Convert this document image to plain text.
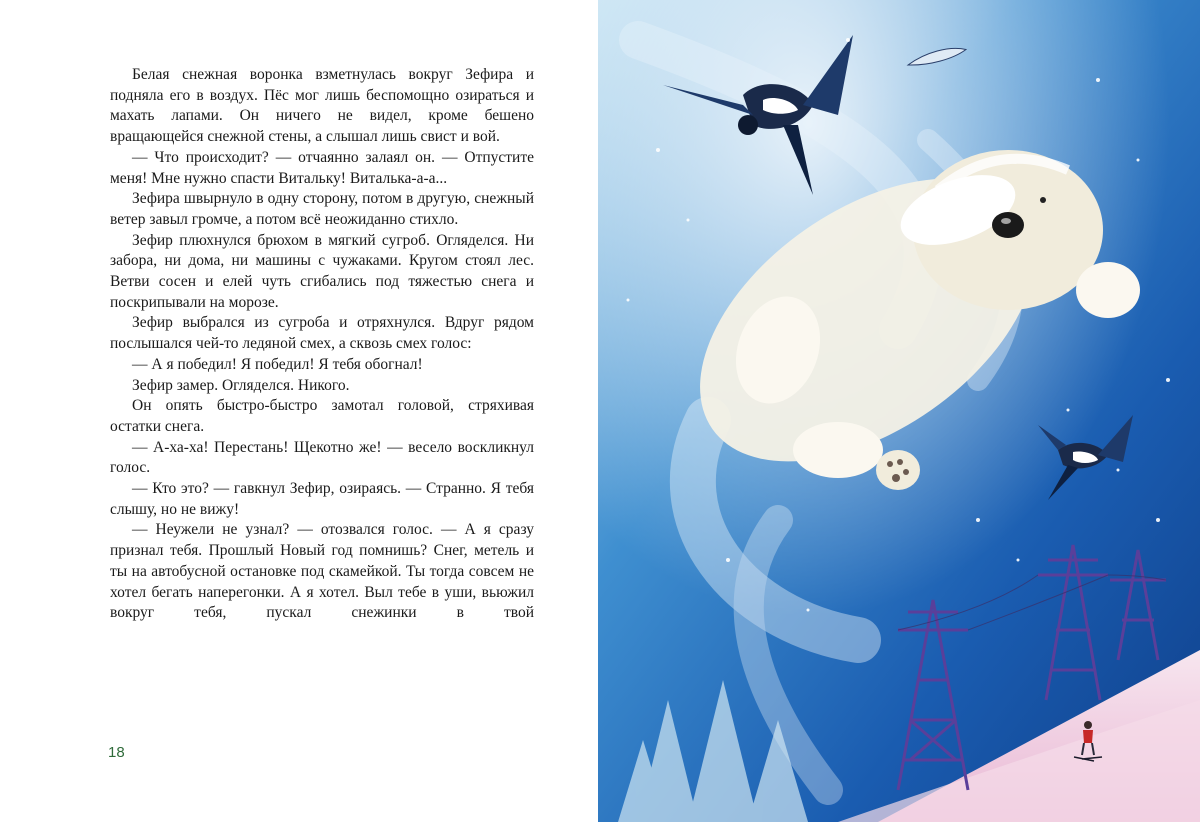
Белая снежная воронка взметнулась вокруг Зефира и подняла его в воздух. Пёс мог лишь беспомощно озираться и махать лапами. Он ничего не видел, кроме бешено вращающейся снежной стены, а слышал лишь свист и вой.

— Что происходит? — отчаянно залаял он. — Отпустите меня! Мне нужно спасти Витальку! Виталька-а-а...

Зефира швырнуло в одну сторону, потом в другую, снежный ветер завыл громче, а потом всё неожиданно стихло.

Зефир плюхнулся брюхом в мягкий сугроб. Огляделся. Ни забора, ни дома, ни машины с чужаками. Кругом стоял лес. Ветви сосен и елей чуть сгибались под тяжестью снега и поскрипывали на морозе.

Зефир выбрался из сугроба и отряхнулся. Вдруг рядом послышался чей-то ледяной смех, а сквозь смех голос:

— А я победил! Я победил! Я тебя обогнал!

Зефир замер. Огляделся. Никого.

Он опять быстро-быстро замотал головой, стряхивая остатки снега.

— А-ха-ха! Перестань! Щекотно же! — весело воскликнул голос.

— Кто это? — гавкнул Зефир, озираясь. — Странно. Я тебя слышу, но не вижу!

— Неужели не узнал? — отозвался голос. — А я сразу признал тебя. Прошлый Новый год помнишь? Снег, метель и ты на автобусной остановке под скамейкой. Ты тогда совсем не хотел бегать наперегонки. А я хотел. Выл тебе в уши, вьюжил вокруг тебя, пускал снежинки в твой

18
